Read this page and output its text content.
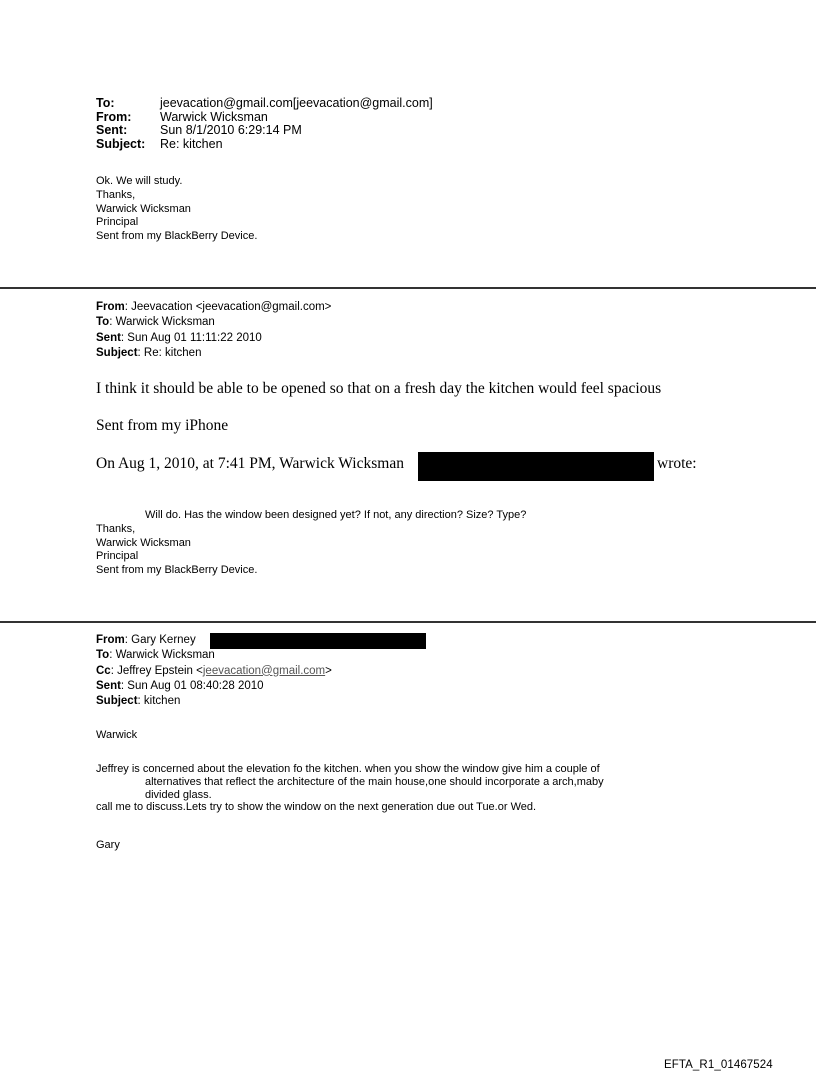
To:	jeevacation@gmail.com[jeevacation@gmail.com]
From:	Warwick Wicksman
Sent:	Sun 8/1/2010 6:29:14 PM
Subject:	Re: kitchen
Ok. We will study.
Thanks,
Warwick Wicksman
Principal
Sent from my BlackBerry Device.
From: Jeevacation <jeevacation@gmail.com>
To: Warwick Wicksman
Sent: Sun Aug 01 11:11:22 2010
Subject: Re: kitchen
I think it should be able to be opened so that on a fresh day the kitchen would feel spacious
Sent from my iPhone
On Aug 1, 2010, at 7:41 PM, Warwick Wicksman	wrote:
Will do. Has the window been designed yet? If not, any direction? Size? Type?
Thanks,
Warwick Wicksman
Principal
Sent from my BlackBerry Device.
From: Gary Kerney
To: Warwick Wicksman
Cc: Jeffrey Epstein <jeevacation@gmail.com>
Sent: Sun Aug 01 08:40:28 2010
Subject: kitchen
Warwick
Jeffrey is concerned about the elevation fo the kitchen. when you show the window give him a couple of
alternatives that reflect the architecture of the main house,one should incorporate a arch,maby
divided glass.
call me to discuss.Lets try to show the window on the next generation due out Tue.or Wed.
Gary
EFTA_R1_01467524
